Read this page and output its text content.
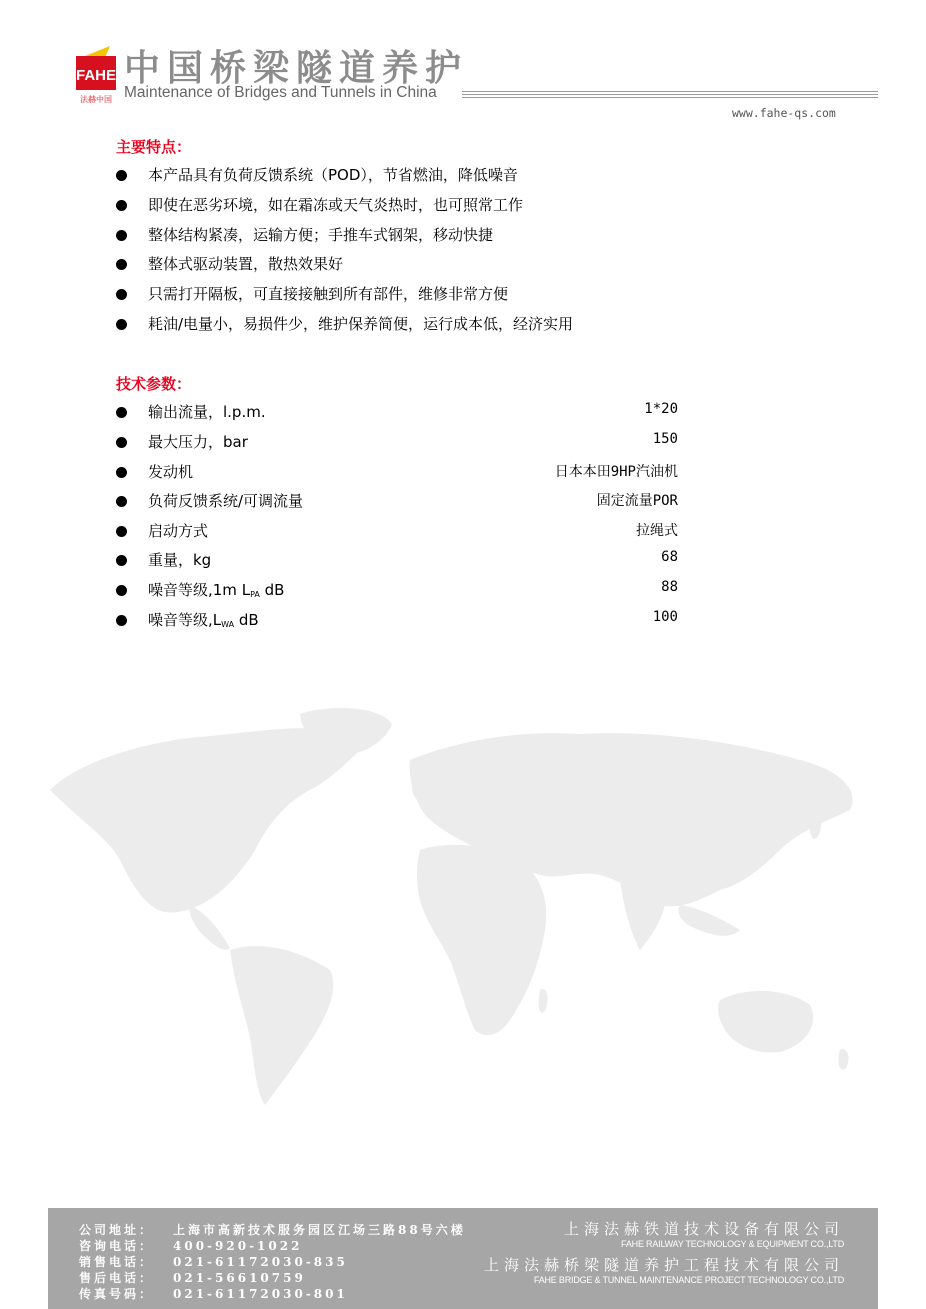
FAHE
法赫中国
中国桥梁隧道养护
Maintenance of Bridges and Tunnels in China
www.fahe-qs.com
主要特点：
本产品具有负荷反馈系统（POD），节省燃油，降低噪音
即使在恶劣环境，如在霜冻或天气炎热时，也可照常工作
整体结构紧凑，运输方便；手推车式钢架，移动快捷
整体式驱动装置，散热效果好
只需打开隔板，可直接接触到所有部件，维修非常方便
耗油/电量小，易损件少，维护保养简便，运行成本低，经济实用
技术参数：
输出流量，l.p.m.	1*20
最大压力，bar	150
发动机	日本本田9HP汽油机
负荷反馈系统/可调流量	固定流量POR
启动方式	拉绳式
重量，kg	68
噪音等级,1m $L_{PA}$ dB	88
噪音等级$,L_{WA}$ dB	100
公司地址： 上海市高新技术服务园区江场三路88号六楼
咨询电话： 400-920-1022
销售电话： 021-61172030-835
售后电话： 021-56610759
传真号码： 021-61172030-801
上海法赫铁道技术设备有限公司
FAHE RAILWAY TECHNOLOGY & EQUIPMENT CO.,LTD
上海法赫桥梁隧道养护工程技术有限公司
FAHE BRIDGE & TUNNEL MAINTENANCE PROJECT TECHNOLOGY CO.,LTD
